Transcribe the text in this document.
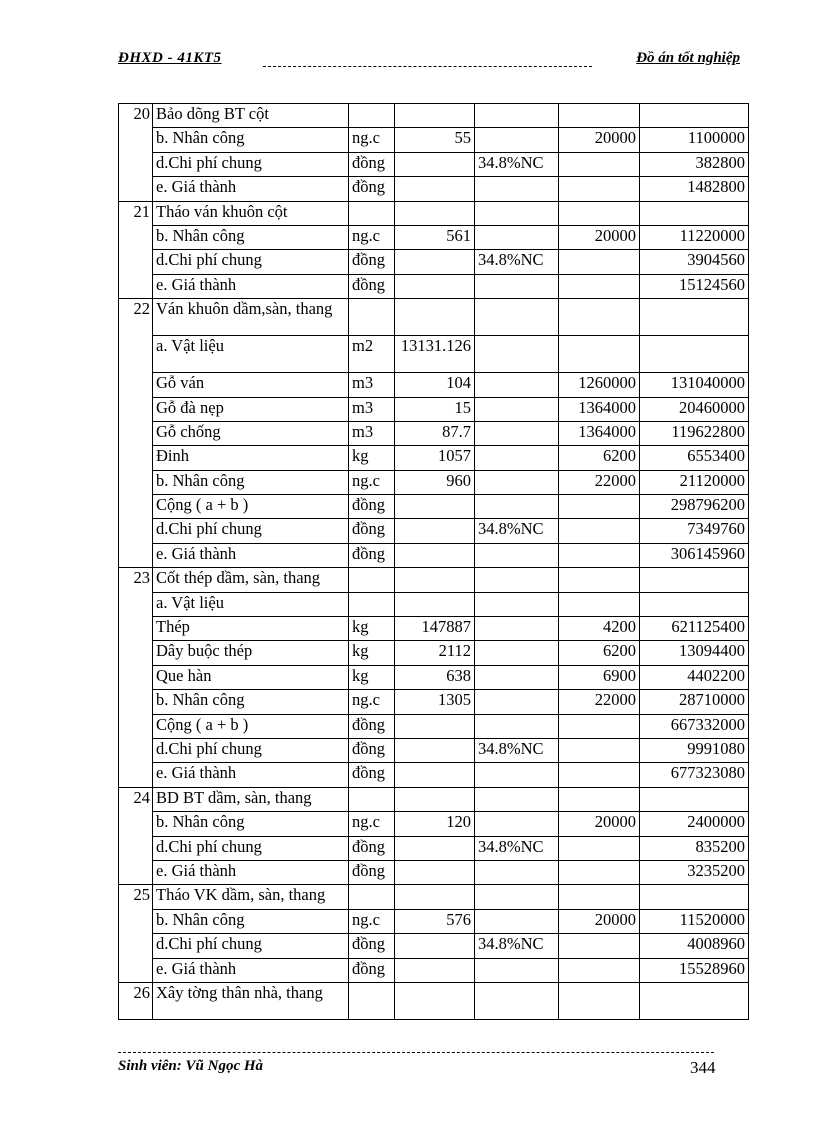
ĐHXD - 41KT5	Đồ án tốt nghiệp
20	Bảo dõng BT cột					
	b. Nhân công	ng.c	55		20000	1100000
	d.Chi phí chung	đồng		34.8%NC		382800
	e. Giá thành	đồng				1482800
21	Tháo ván khuôn cột					
	b. Nhân công	ng.c	561		20000	11220000
	d.Chi phí chung	đồng		34.8%NC		3904560
	e. Giá thành	đồng				15124560
22	Ván khuôn dầm,sàn, thang					
	a. Vật liệu	m2	13131.126			
	Gỗ ván	m3	104		1260000	131040000
	Gỗ đà nẹp	m3	15		1364000	20460000
	Gỗ chống	m3	87.7		1364000	119622800
	Đinh	kg	1057		6200	6553400
	b. Nhân công	ng.c	960		22000	21120000
	Cộng ( a + b )	đồng				298796200
	d.Chi phí chung	đồng		34.8%NC		7349760
	e. Giá thành	đồng				306145960
23	Cốt thép dầm, sàn, thang					
	a. Vật liệu					
	Thép	kg	147887		4200	621125400
	Dây buộc thép	kg	2112		6200	13094400
	Que hàn	kg	638		6900	4402200
	b. Nhân công	ng.c	1305		22000	28710000
	Cộng ( a + b )	đồng				667332000
	d.Chi phí chung	đồng		34.8%NC		9991080
	e. Giá thành	đồng				677323080
24	BD BT dầm, sàn, thang					
	b. Nhân công	ng.c	120		20000	2400000
	d.Chi phí chung	đồng		34.8%NC		835200
	e. Giá thành	đồng				3235200
25	Tháo VK dầm, sàn, thang					
	b. Nhân công	ng.c	576		20000	11520000
	d.Chi phí chung	đồng		34.8%NC		4008960
	e. Giá thành	đồng				15528960
26	Xây tờng thân nhà, thang					
Sinh viên: Vũ Ngọc Hà	344
